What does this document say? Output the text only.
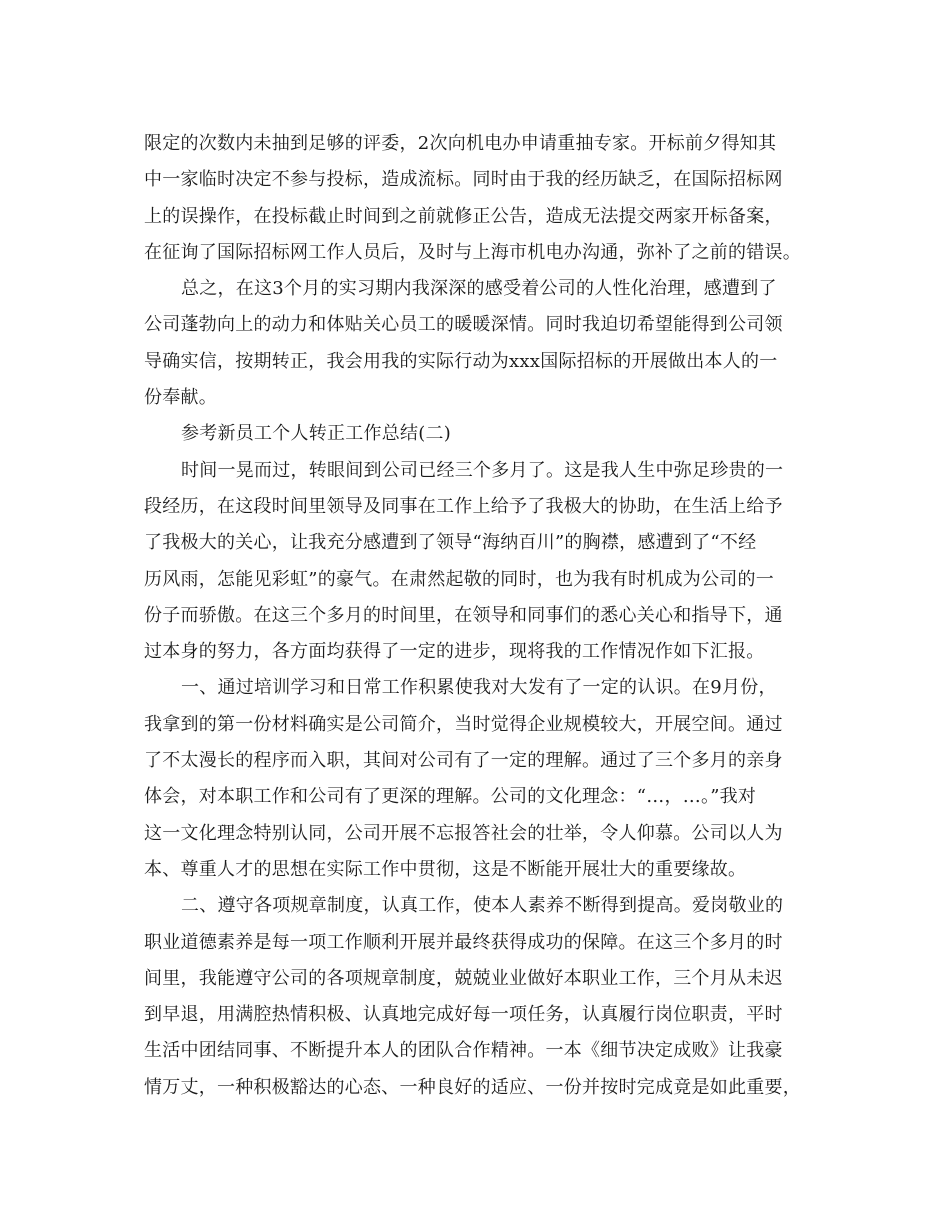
限定的次数内未抽到足够的评委，2次向机电办申请重抽专家。开标前夕得知其
中一家临时决定不参与投标，造成流标。同时由于我的经历缺乏，在国际招标网
上的误操作，在投标截止时间到之前就修正公告，造成无法提交两家开标备案，
在征询了国际招标网工作人员后，及时与上海市机电办沟通，弥补了之前的错误。
总之，在这3个月的实习期内我深深的感受着公司的人性化治理，感遭到了
公司蓬勃向上的动力和体贴关心员工的暖暖深情。同时我迫切希望能得到公司领
导确实信，按期转正，我会用我的实际行动为xxx国际招标的开展做出本人的一
份奉献。
参考新员工个人转正工作总结(二)
时间一晃而过，转眼间到公司已经三个多月了。这是我人生中弥足珍贵的一
段经历，在这段时间里领导及同事在工作上给予了我极大的协助，在生活上给予
了我极大的关心，让我充分感遭到了领导“海纳百川”的胸襟，感遭到了“不经
历风雨，怎能见彩虹”的豪气。在肃然起敬的同时，也为我有时机成为公司的一
份子而骄傲。在这三个多月的时间里，在领导和同事们的悉心关心和指导下，通
过本身的努力，各方面均获得了一定的进步，现将我的工作情况作如下汇报。
一、通过培训学习和日常工作积累使我对大发有了一定的认识。在9月份，
我拿到的第一份材料确实是公司简介，当时觉得企业规模较大，开展空间。通过
了不太漫长的程序而入职，其间对公司有了一定的理解。通过了三个多月的亲身
体会，对本职工作和公司有了更深的理解。公司的文化理念：“…，…。”我对
这一文化理念特别认同，公司开展不忘报答社会的壮举，令人仰慕。公司以人为
本、尊重人才的思想在实际工作中贯彻，这是不断能开展壮大的重要缘故。
二、遵守各项规章制度，认真工作，使本人素养不断得到提高。爱岗敬业的
职业道德素养是每一项工作顺利开展并最终获得成功的保障。在这三个多月的时
间里，我能遵守公司的各项规章制度，兢兢业业做好本职业工作，三个月从未迟
到早退，用满腔热情积极、认真地完成好每一项任务，认真履行岗位职责，平时
生活中团结同事、不断提升本人的团队合作精神。一本《细节决定成败》让我豪
情万丈，一种积极豁达的心态、一种良好的适应、一份并按时完成竟是如此重要，
